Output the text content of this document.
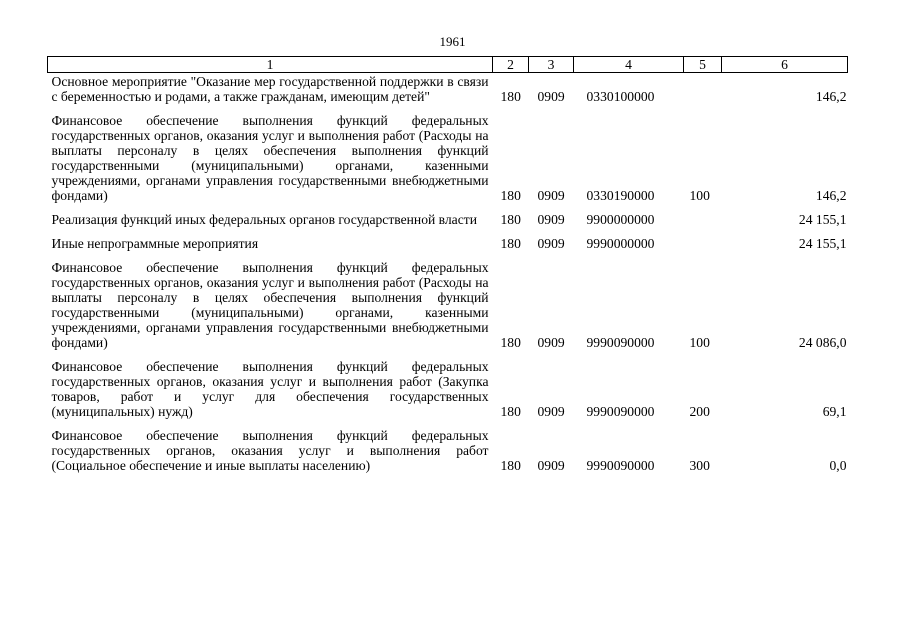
1961
1	2	3	4	5	6
Основное мероприятие "Оказание мер государственной поддержки в связи с беременностью и родами, а также гражданам, имеющим детей"	180	0909	0330100000		146,2
Финансовое обеспечение выполнения функций федеральных государственных органов, оказания услуг и выполнения работ (Расходы на выплаты персоналу в целях обеспечения выполнения функций государственными (муниципальными) органами, казенными учреждениями, органами управления государственными внебюджетными фондами)	180	0909	0330190000	100	146,2
Реализация функций иных федеральных органов государственной власти	180	0909	9900000000		24 155,1
Иные непрограммные мероприятия	180	0909	9990000000		24 155,1
Финансовое обеспечение выполнения функций федеральных государственных органов, оказания услуг и выполнения работ (Расходы на выплаты персоналу в целях обеспечения выполнения функций государственными (муниципальными) органами, казенными учреждениями, органами управления государственными внебюджетными фондами)	180	0909	9990090000	100	24 086,0
Финансовое обеспечение выполнения функций федеральных государственных органов, оказания услуг и выполнения работ (Закупка товаров, работ и услуг для обеспечения государственных (муниципальных) нужд)	180	0909	9990090000	200	69,1
Финансовое обеспечение выполнения функций федеральных государственных органов, оказания услуг и выполнения работ (Социальное обеспечение и иные выплаты населению)	180	0909	9990090000	300	0,0
